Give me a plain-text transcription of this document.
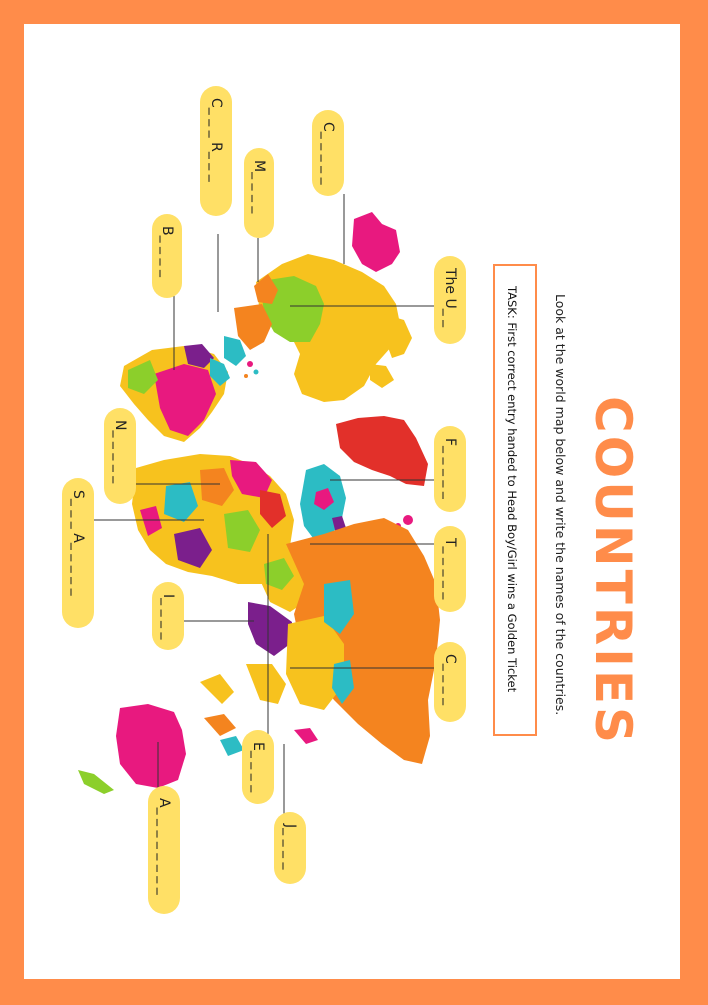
COUNTRIES
Look at the world map below and write the names of the countries.
TASK: First correct entry handed to Head Boy/Girl wins a Golden Ticket
C_ _ _ _ _
C_ _ _ R_ _ _
M_ _ _ _
B_ _ _ _
The U_ _
N_ _ _ _ _	F_ _ _ _ _
S_ _ _ A_ _ _ _ _	T_ _ _ _ _
I_ _ _ _
C_ _ _ _
E_ _ _ _
A_ _ _ _ _ _ _ _	J_ _ _ _
